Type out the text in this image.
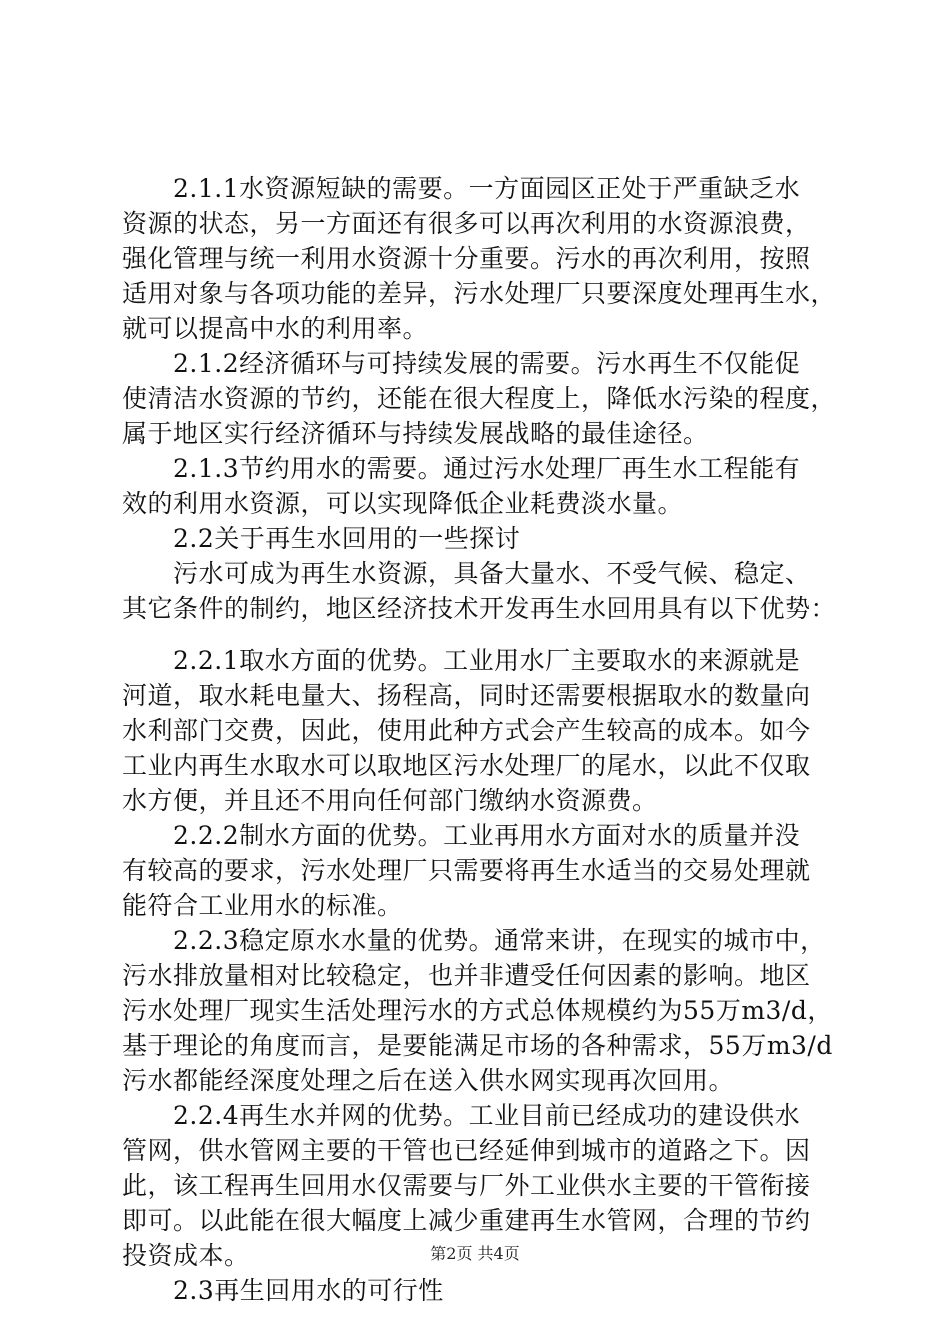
　　2.1.1水资源短缺的需要。一方面园区正处于严重缺乏水
资源的状态，另一方面还有很多可以再次利用的水资源浪费，
强化管理与统一利用水资源十分重要。污水的再次利用，按照
适用对象与各项功能的差异，污水处理厂只要深度处理再生水，
就可以提高中水的利用率。
　　2.1.2经济循环与可持续发展的需要。污水再生不仅能促
使清洁水资源的节约，还能在很大程度上，降低水污染的程度，
属于地区实行经济循环与持续发展战略的最佳途径。
　　2.1.3节约用水的需要。通过污水处理厂再生水工程能有
效的利用水资源，可以实现降低企业耗费淡水量。
　　2.2关于再生水回用的一些探讨
　　污水可成为再生水资源，具备大量水、不受气候、稳定、
其它条件的制约，地区经济技术开发再生水回用具有以下优势：
　　2.2.1取水方面的优势。工业用水厂主要取水的来源就是
河道，取水耗电量大、扬程高，同时还需要根据取水的数量向
水利部门交费，因此，使用此种方式会产生较高的成本。如今
工业内再生水取水可以取地区污水处理厂的尾水，以此不仅取
水方便，并且还不用向任何部门缴纳水资源费。
　　2.2.2制水方面的优势。工业再用水方面对水的质量并没
有较高的要求，污水处理厂只需要将再生水适当的交易处理就
能符合工业用水的标准。
　　2.2.3稳定原水水量的优势。通常来讲，在现实的城市中，
污水排放量相对比较稳定，也并非遭受任何因素的影响。地区
污水处理厂现实生活处理污水的方式总体规模约为55万m3/d，
基于理论的角度而言，是要能满足市场的各种需求，55万m3/d
污水都能经深度处理之后在送入供水网实现再次回用。
　　2.2.4再生水并网的优势。工业目前已经成功的建设供水
管网，供水管网主要的干管也已经延伸到城市的道路之下。因
此，该工程再生回用水仅需要与厂外工业供水主要的干管衔接
即可。以此能在很大幅度上减少重建再生水管网，合理的节约
投资成本。
　　2.3再生回用水的可行性
第2页 共4页
